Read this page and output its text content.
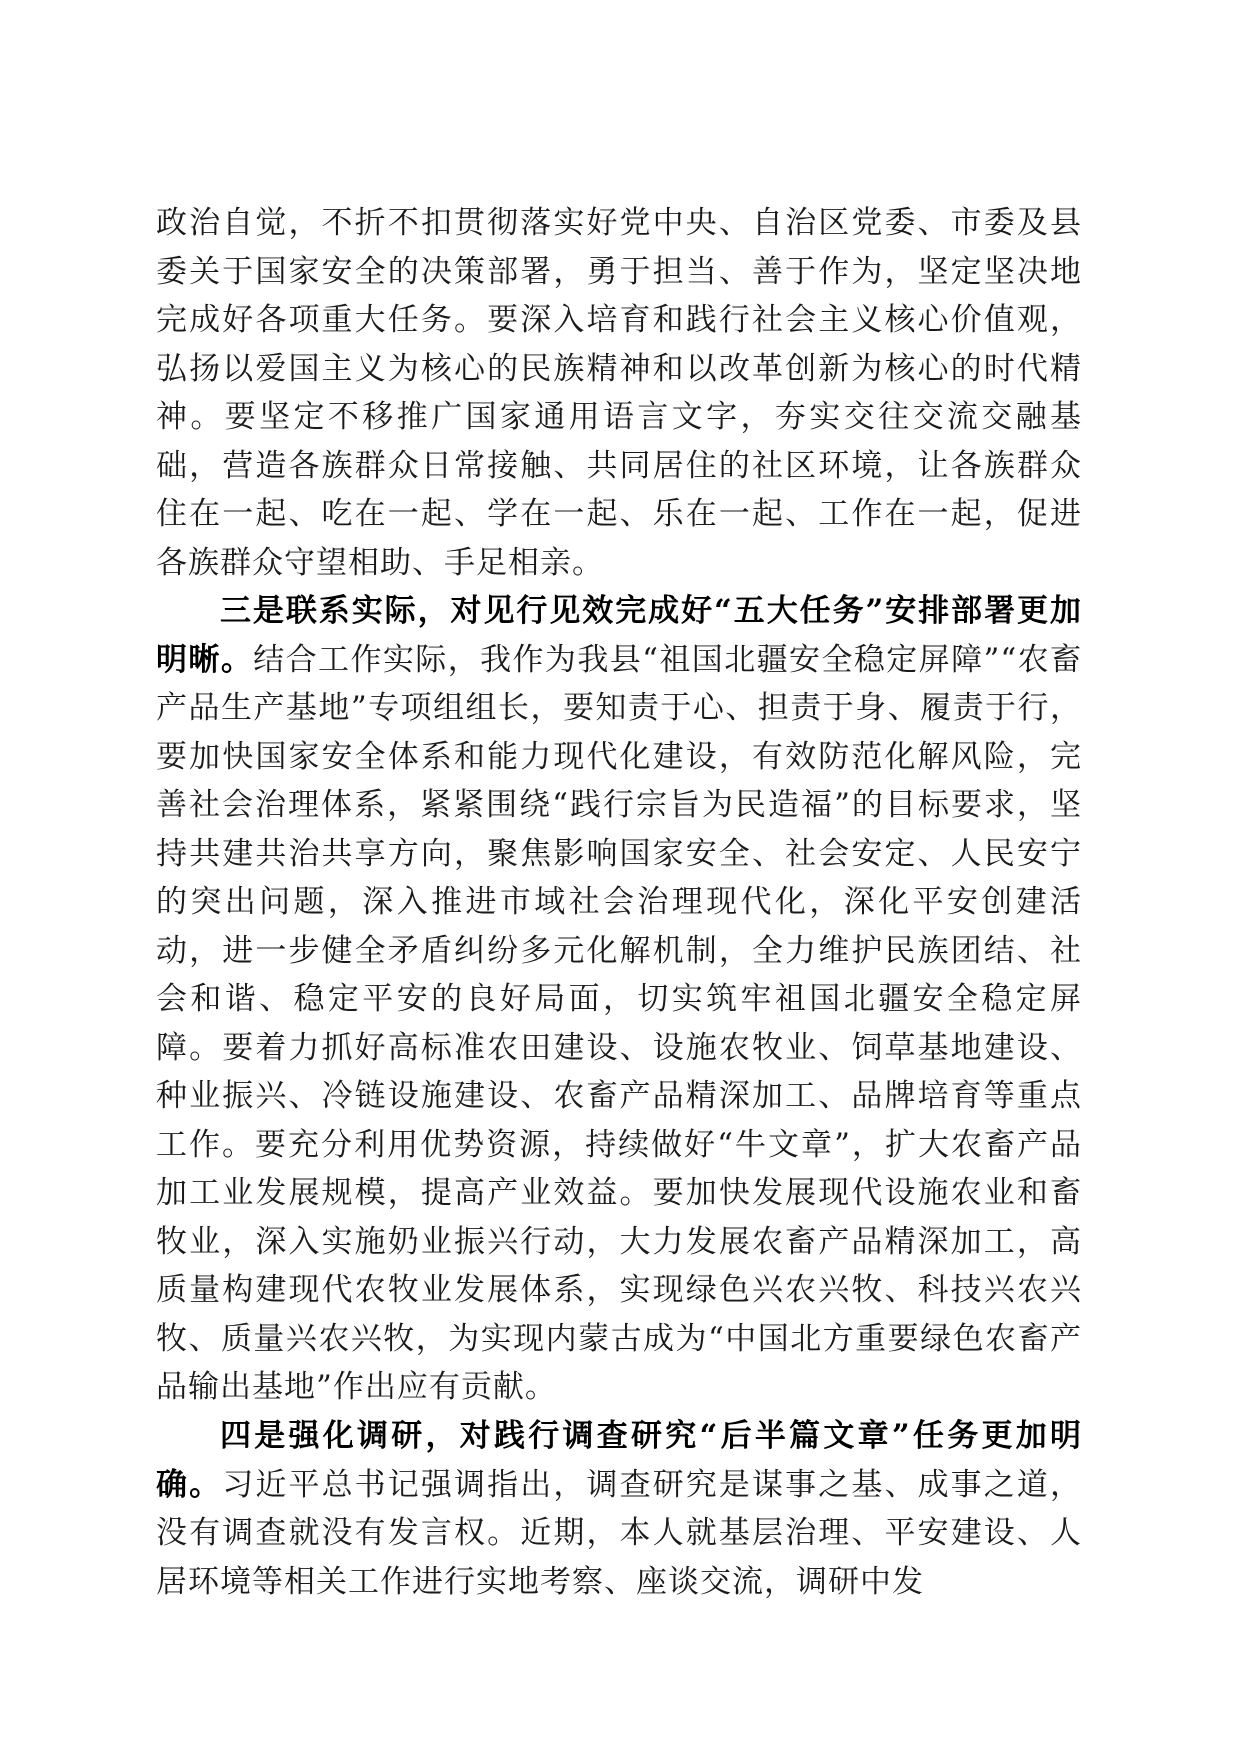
政治自觉，不折不扣贯彻落实好党中央、自治区党委、市委及县委关于国家安全的决策部署，勇于担当、善于作为，坚定坚决地完成好各项重大任务。要深入培育和践行社会主义核心价值观，弘扬以爱国主义为核心的民族精神和以改革创新为核心的时代精神。要坚定不移推广国家通用语言文字，夯实交往交流交融基础，营造各族群众日常接触、共同居住的社区环境，让各族群众住在一起、吃在一起、学在一起、乐在一起、工作在一起，促进各族群众守望相助、手足相亲。

三是联系实际，对见行见效完成好“五大任务”安排部署更加明晰。结合工作实际，我作为我县“祖国北疆安全稳定屏障”“农畜产品生产基地”专项组组长，要知责于心、担责于身、履责于行，要加快国家安全体系和能力现代化建设，有效防范化解风险，完善社会治理体系，紧紧围绕“践行宗旨为民造福”的目标要求，坚持共建共治共享方向，聚焦影响国家安全、社会安定、人民安宁的突出问题，深入推进市域社会治理现代化，深化平安创建活动，进一步健全矛盾纠纷多元化解机制，全力维护民族团结、社会和谐、稳定平安的良好局面，切实筑牢祖国北疆安全稳定屏障。要着力抓好高标准农田建设、设施农牧业、饲草基地建设、种业振兴、冷链设施建设、农畜产品精深加工、品牌培育等重点工作。要充分利用优势资源，持续做好“牛文章”，扩大农畜产品加工业发展规模，提高产业效益。要加快发展现代设施农业和畜牧业，深入实施奶业振兴行动，大力发展农畜产品精深加工，高质量构建现代农牧业发展体系，实现绿色兴农兴牧、科技兴农兴牧、质量兴农兴牧，为实现内蒙古成为“中国北方重要绿色农畜产品输出基地”作出应有贡献。

四是强化调研，对践行调查研究“后半篇文章”任务更加明确。习近平总书记强调指出，调查研究是谋事之基、成事之道，没有调查就没有发言权。近期，本人就基层治理、平安建设、人居环境等相关工作进行实地考察、座谈交流，调研中发
